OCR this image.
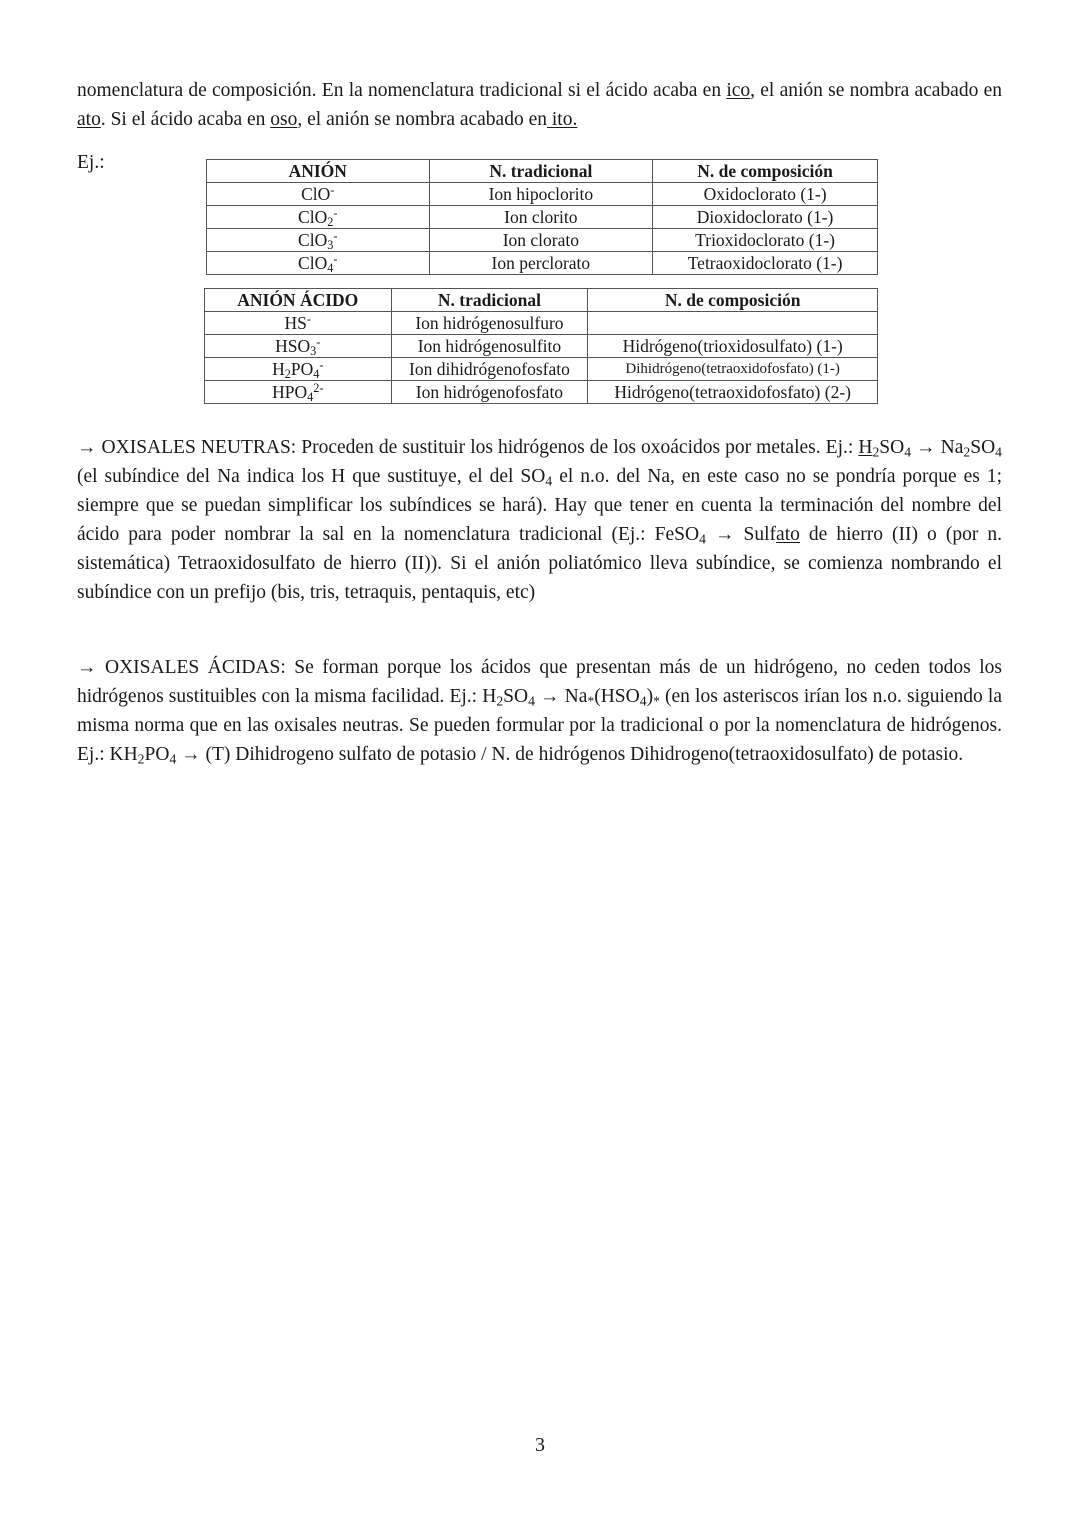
nomenclatura de composición. En la nomenclatura tradicional si el ácido acaba en ico, el anión se nombra acabado en ato. Si el ácido acaba en oso, el anión se nombra acabado en ito.

Ej.:	ANIÓN	N. tradicional	N. de composición
ClO-	Ion hipoclorito	Oxidoclorato (1-)
ClO$_2$-	Ion clorito	Dioxidoclorato (1-)
ClO$_3$-	Ion clorato	Trioxidoclorato (1-)
ClO$_4$-	Ion perclorato	Tetraoxidoclorato (1-)
ANIÓN ÁCIDO	N. tradicional	N. de composición
HS-	Ion hidrógenosulfuro	
$HSO_3^-$	Ion hidrógenosulfito	Hidrógeno(trioxidosulfato) (1-)
$H_2PO_4^-$	Ion dihidrógenofosfato	Dihidrógeno(tetraoxidofosfato) (1-)
$HPO_4^{2-}$	Ion hidrógenofosfato	Hidrógeno(tetraoxidofosfato) (2-)

→ OXISALES NEUTRAS: Proceden de sustituir los hidrógenos de los oxoácidos por metales. Ej.: $H_2SO_4 \to Na_2SO_4$ (el subíndice del Na indica los H que sustituye, el del $SO_4$ el n.o. del Na, en este caso no se pondría porque es 1; siempre que se puedan simplificar los subíndices se hará). Hay que tener en cuenta la terminación del nombre del ácido para poder nombrar la sal en la nomenclatura tradicional (Ej.: FeSO$_4$ → Sulfato de hierro (II) o (por n. sistemática) Tetraoxidosulfato de hierro (II)). Si el anión poliatómico lleva subíndice, se comienza nombrando el subíndice con un prefijo (bis, tris, tetraquis, pentaquis, etc)

→ OXISALES ÁCIDAS: Se forman porque los ácidos que presentan más de un hidrógeno, no ceden todos los hidrógenos sustituibles con la misma facilidad. Ej.: $H_2SO_4 \to Na_*(HSO_4)_*$ (en los asteriscos irían los n.o. siguiendo la misma norma que en las oxisales neutras. Se pueden formular por la tradicional o por la nomenclatura de hidrógenos. Ej.: $KH_2PO_4 \to (T)$ Dihidrogeno sulfato de potasio / N. de hidrógenos Dihidrogeno(tetraoxidosulfato) de potasio.

3
